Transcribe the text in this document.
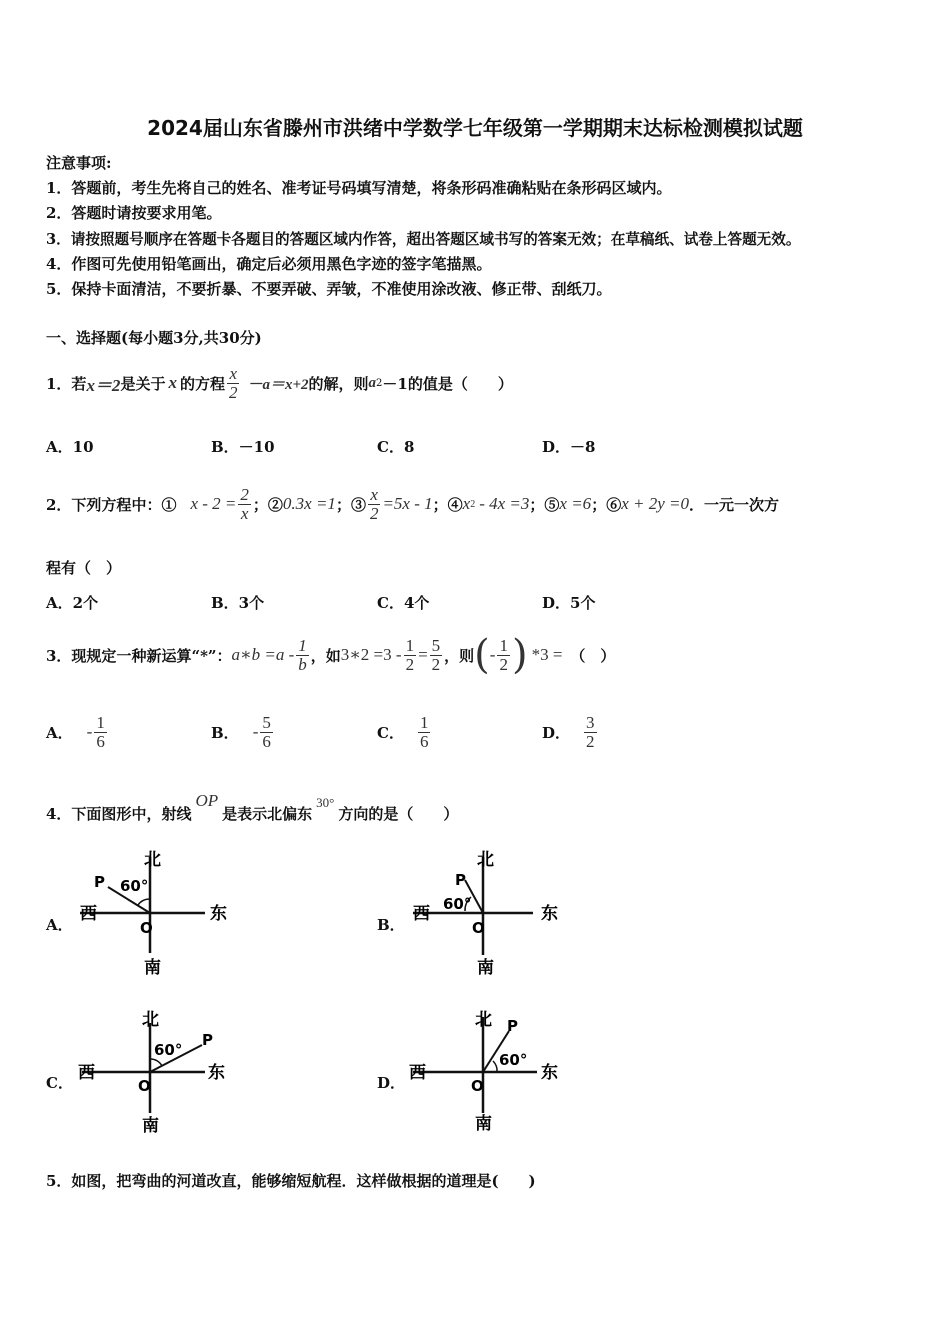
2024届山东省滕州市洪绪中学数学七年级第一学期期末达标检测模拟试题
注意事项:
1．答题前，考生先将自己的姓名、准考证号码填写清楚，将条形码准确粘贴在条形码区域内。
2．答题时请按要求用笔。
3．请按照题号顺序在答题卡各题目的答题区域内作答，超出答题区域书写的答案无效；在草稿纸、试卷上答题无效。
4．作图可先使用铅笔画出，确定后必须用黑色字迹的签字笔描黑。
5．保持卡面清洁，不要折暴、不要弄破、弄皱，不准使用涂改液、修正带、刮纸刀。
一、选择题(每小题3分,共30分)
1．若 x＝2 是关于 x 的方程 $\frac{x}{2} -a=x+2$ 的解，则 a 2 －1 的值是（　　）
A．10	B．－10	C．8	D．－8
2．下列方程中：① $x - 2 = \frac{2}{x}$ ；② 0.3x =1 ；③ $\frac{x}{2} =5x - 1$ ；④ x 2 - 4x =3 ；⑤ x =6 ；⑥ x + 2y =0 ．一元一次方
程有（　）
A．2个	B．3个	C．4个	D．5个
3．现规定一种新运算“*”： a∗b $=a - \frac{1}{b}$ ，如 3∗2 $=3 - \frac{1}{2} = \frac{5}{2}$ ，则 ( - $\frac{1}{2}$ ) *3 = （　）
A． - $\frac{1}{6}$	B． - $\frac{5}{6}$	C． $\frac{1}{6}$	D． $\frac{3}{2}$
4．下面图形中，射线
OP
是表示北偏东
30°
方向的是（　　）
A．	B．
C．	D．
北
南
东
西
O
P 60°
北
南
东
西
O
P
60°
北
南
东
西
O
P
60°
北
南
东
西
O
P
60°
5．如图，把弯曲的河道改直，能够缩短航程．这样做根据的道理是(　　)
